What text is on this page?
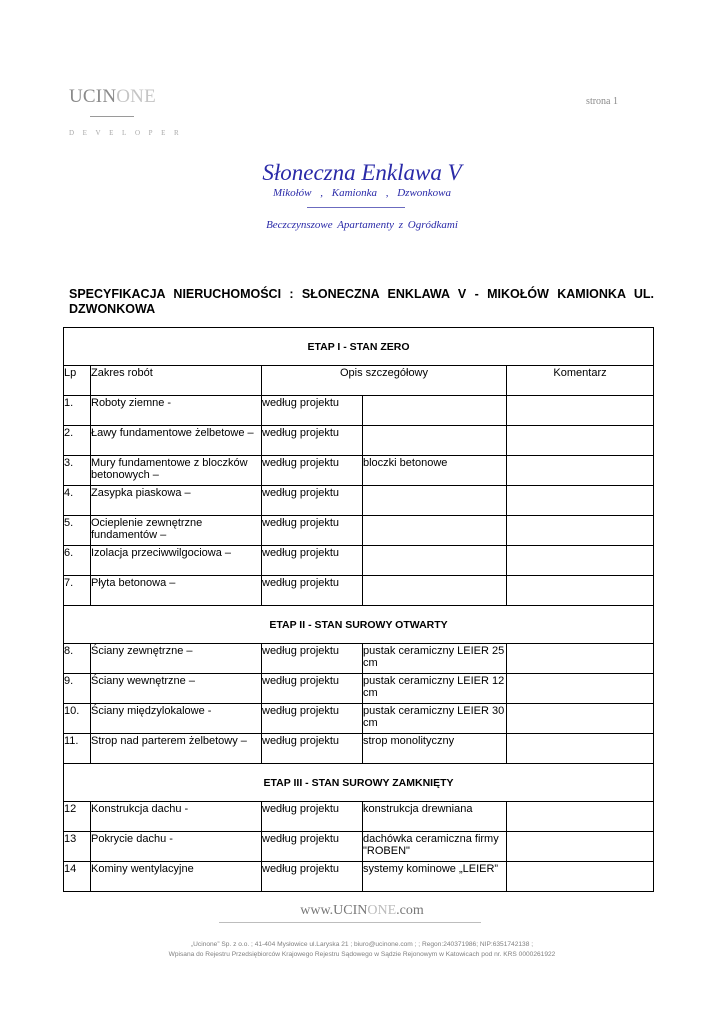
UCINONE
DEVELOPER
strona 1
Słoneczna Enklawa V
Mikołów , Kamionka , Dzwonkowa
Beczczynszowe Apartamenty z Ogródkami
SPECYFIKACJA NIERUCHOMOŚCI : SŁONECZNA ENKLAWA V - MIKOŁÓW KAMIONKA UL. DZWONKOWA
ETAP I - STAN ZERO				
Lp	Zakres robót	Opis szczegółowy		Komentarz
1.	Roboty ziemne -	według projektu		
2.	Ławy fundamentowe żelbetowe –	według projektu		
3.	Mury fundamentowe z bloczków betonowych –	według projektu	bloczki betonowe	
4.	Zasypka piaskowa –	według projektu		
5.	Ocieplenie zewnętrzne fundamentów –	według projektu		
6.	Izolacja przeciwwilgociowa –	według projektu		
7.	Płyta betonowa –	według projektu		
ETAP II - STAN SUROWY OTWARTY				
8.	Ściany zewnętrzne –	według projektu	pustak ceramiczny LEIER 25 cm	
9.	Ściany wewnętrzne –	według projektu	pustak ceramiczny LEIER 12 cm	
10.	Ściany międzylokalowe -	według projektu	pustak ceramiczny LEIER 30 cm	
11.	Strop nad parterem żelbetowy –	według projektu	strop monolityczny	
ETAP III - STAN SUROWY ZAMKNIĘTY				
12	Konstrukcja dachu -	według projektu	konstrukcja drewniana	
13	Pokrycie dachu -	według projektu	dachówka ceramiczna firmy "ROBEN"	
14	Kominy wentylacyjne	według projektu	systemy kominowe „LEIER”	
www.UCINONE.com
„Ucinone” Sp. z o.o. ; 41-404 Mysłowice ul.Laryska 21 ; biuro@ucinone.com ; ; Regon:240371986; NIP:6351742138 ;
Wpisana do Rejestru Przedsiębiorców Krajowego Rejestru Sądowego w Sądzie Rejonowym w Katowicach pod nr. KRS 0000261922
